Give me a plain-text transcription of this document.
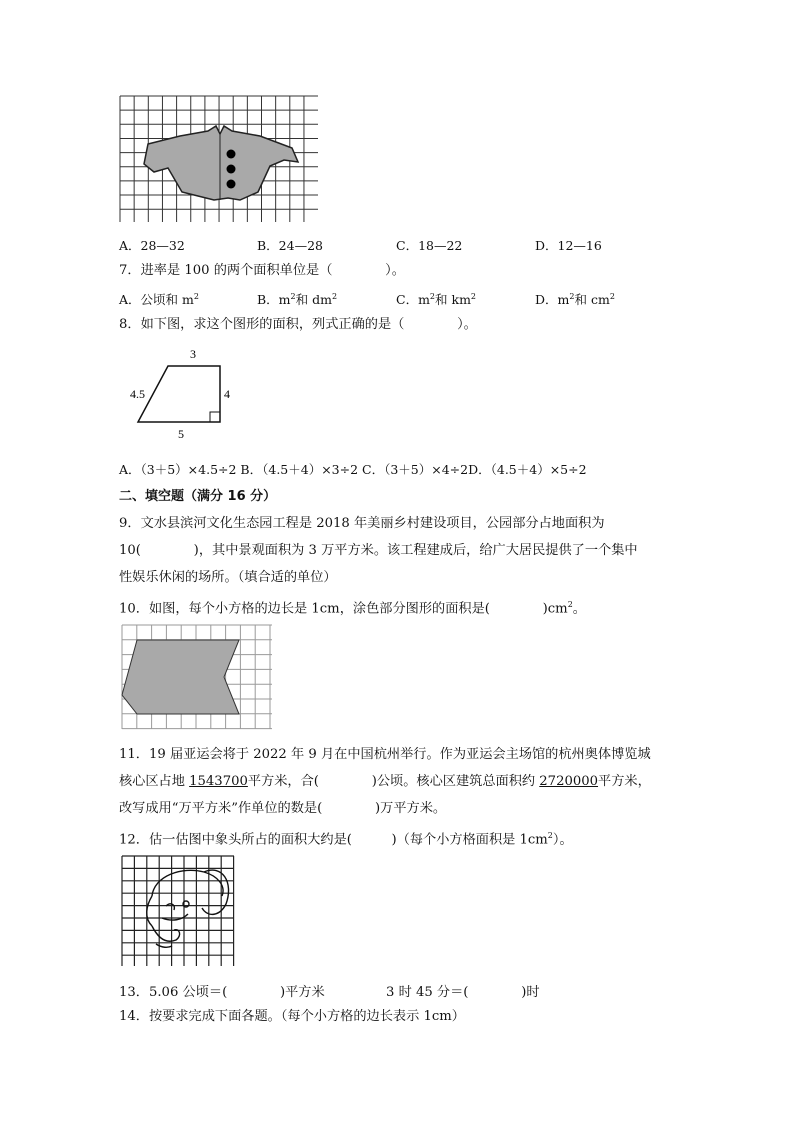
A．28—32	B．24—28	C．18—22	D．12—16
7．进率是 100 的两个面积单位是（　　　　）。
A．公顷和 $m^2$	B．$m^2$和 $dm^2$	C．$m^2$和 $km^2$	D．$m^2$和 $cm^2$
8．如下图，求这个图形的面积，列式正确的是（　　　　）。
3
4.5	4
5
A．（3＋5）×4.5÷2 B．（4.5＋4）×3÷2 C．（3＋5）×4÷2D．（4.5＋4）×5÷2
二、填空题（满分 16 分）
9．文水县滨河文化生态园工程是 2018 年美丽乡村建设项目，公园部分占地面积为
10(　　　　)，其中景观面积为 3 万平方米。该工程建成后，给广大居民提供了一个集中
性娱乐休闲的场所。（填合适的单位）
10．如图，每个小方格的边长是 1cm，涂色部分图形的面积是(　　　　)$cm^2$。
11．19 届亚运会将于 2022 年 9 月在中国杭州举行。作为亚运会主场馆的杭州奥体博览城
核心区占地 1543700平方米，合(　　　　)公顷。核心区建筑总面积约 2720000平方米，
改写成用“万平方米”作单位的数是(　　　　)万平方米。
12．估一估图中象头所占的面积大约是(　　　)（每个小方格面积是 $1cm^2$）。
13．5.06 公顷＝(　　　　)平方米	3 时 45 分＝(　　　　)时
14．按要求完成下面各题。（每个小方格的边长表示 1cm）
